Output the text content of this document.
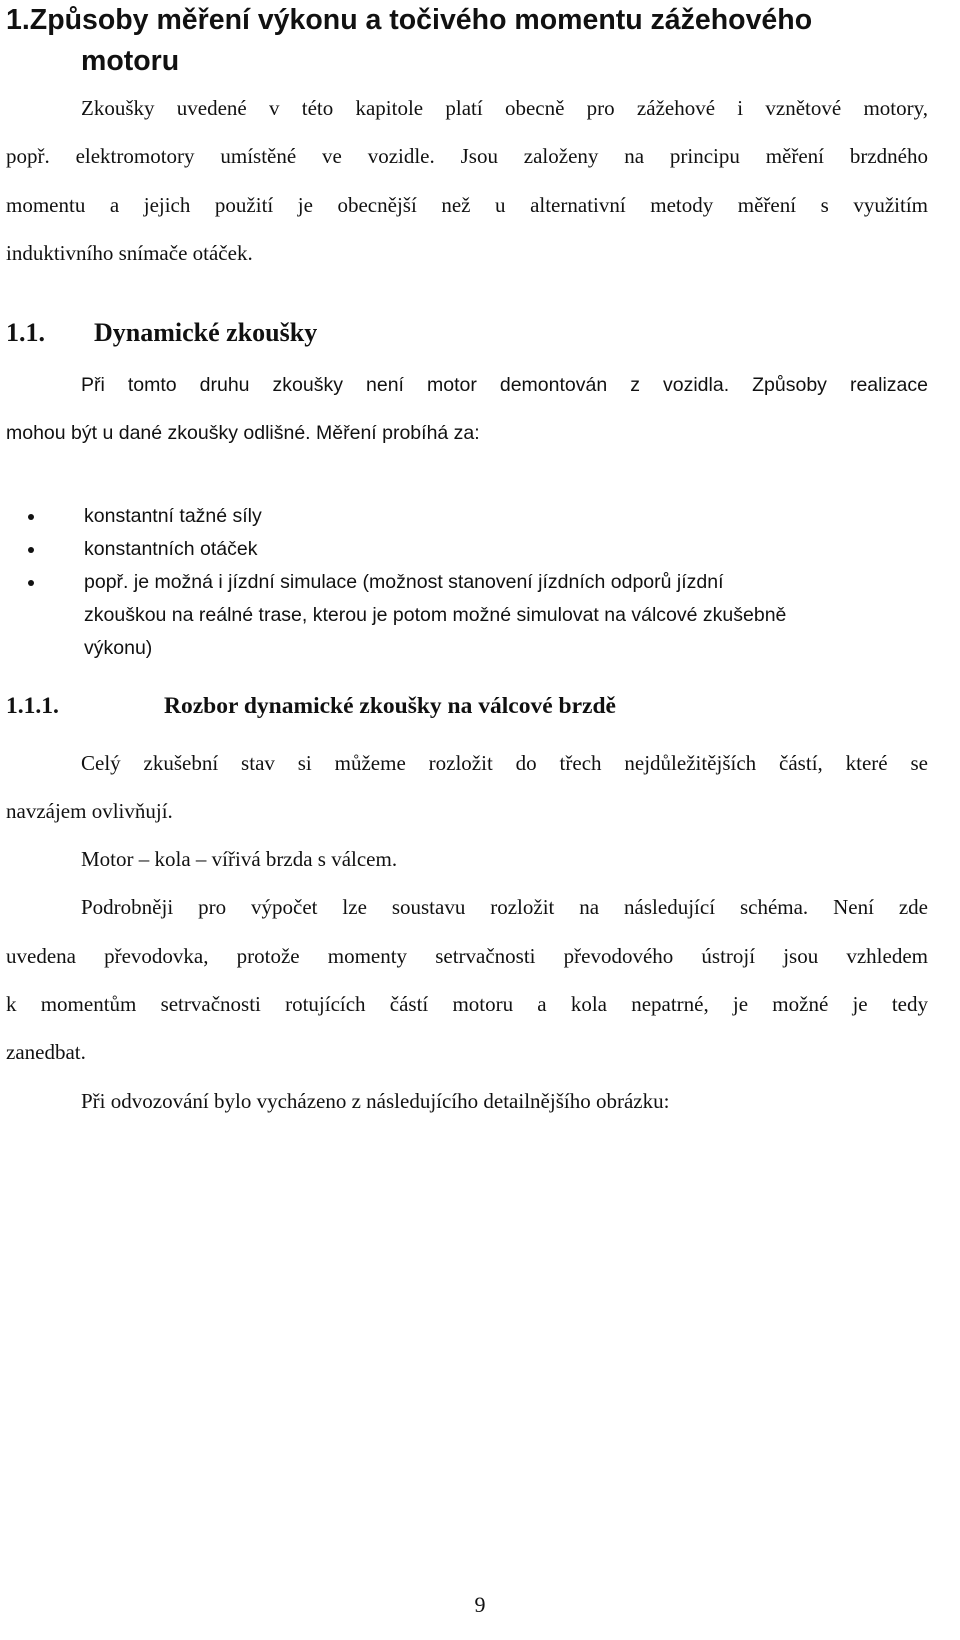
1.Způsoby měření výkonu a točivého momentu zážehového
motoru
Zkoušky uvedené v této kapitole platí obecně pro zážehové i vznětové motory,
popř. elektromotory umístěné ve vozidle. Jsou založeny na principu měření brzdného
momentu a jejich použití je obecnější než u alternativní metody měření s využitím
induktivního snímače otáček.
1.1. Dynamické zkoušky
Při tomto druhu zkoušky není motor demontován z vozidla. Způsoby realizace
mohou být u dané zkoušky odlišné. Měření probíhá za:
konstantní tažné síly
konstantních otáček
popř. je možná i jízdní simulace (možnost stanovení jízdních odporů jízdní
zkouškou na reálné trase, kterou je potom možné simulovat na válcové zkušebně
výkonu)
1.1.1.	Rozbor dynamické zkoušky na válcové brzdě
Celý zkušební stav si můžeme rozložit do třech nejdůležitějších částí, které se
navzájem ovlivňují.
Motor – kola – vířivá brzda s válcem.
Podrobněji pro výpočet lze soustavu rozložit na následující schéma. Není zde
uvedena převodovka, protože momenty setrvačnosti převodového ústrojí jsou vzhledem
k momentům setrvačnosti rotujících částí motoru a kola nepatrné, je možné je tedy
zanedbat.
Při odvozování bylo vycházeno z následujícího detailnějšího obrázku:
9
